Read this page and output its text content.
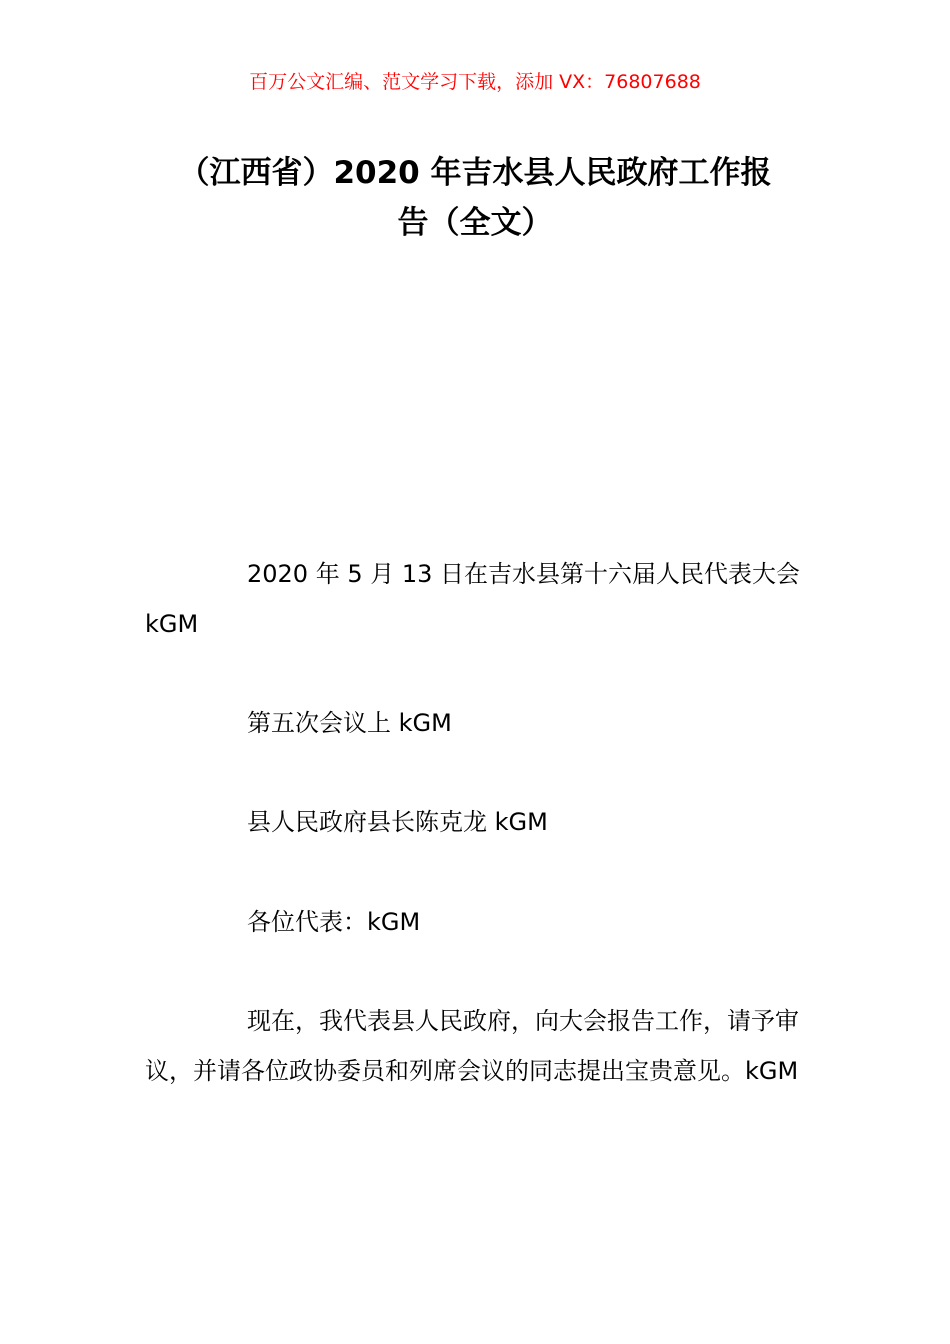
百万公文汇编、范文学习下载，添加 VX：76807688
（江西省）2020 年吉水县人民政府工作报
告（全文）

2020 年 5 月 13 日在吉水县第十六届人民代表大会 kGM

第五次会议上 kGM

县人民政府县长陈克龙 kGM

各位代表：kGM

现在，我代表县人民政府，向大会报告工作，请予审议，并请各位政协委员和列席会议的同志提出宝贵意见。kGM
